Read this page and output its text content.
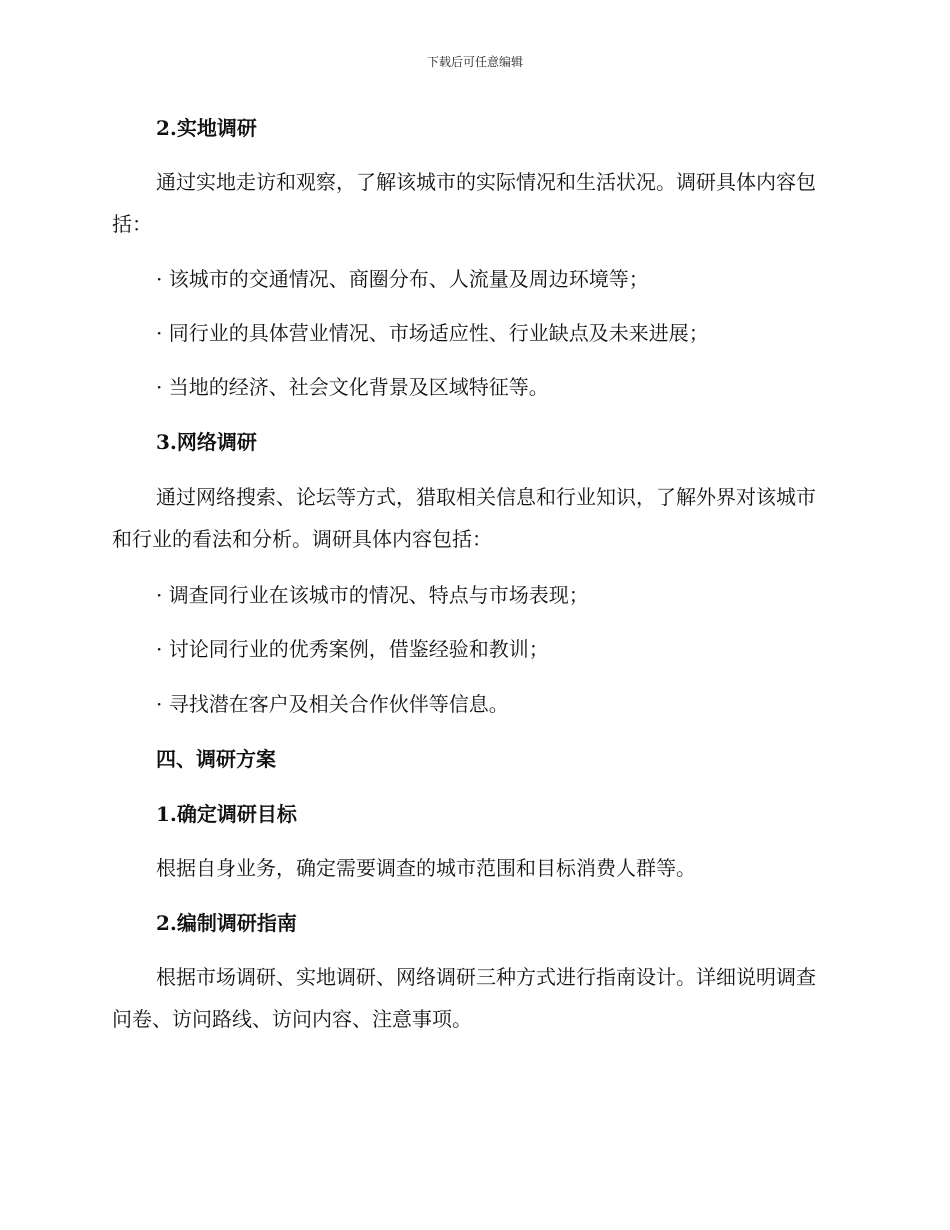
下载后可任意编辑

2.实地调研

通过实地走访和观察，了解该城市的实际情况和生活状况。调研具体内容包括：

· 该城市的交通情况、商圈分布、人流量及周边环境等；

· 同行业的具体营业情况、市场适应性、行业缺点及未来进展；

· 当地的经济、社会文化背景及区域特征等。

3.网络调研

通过网络搜索、论坛等方式，猎取相关信息和行业知识，了解外界对该城市和行业的看法和分析。调研具体内容包括：

· 调查同行业在该城市的情况、特点与市场表现；

· 讨论同行业的优秀案例，借鉴经验和教训；

· 寻找潜在客户及相关合作伙伴等信息。

四、调研方案

1.确定调研目标

根据自身业务，确定需要调查的城市范围和目标消费人群等。

2.编制调研指南

根据市场调研、实地调研、网络调研三种方式进行指南设计。详细说明调查问卷、访问路线、访问内容、注意事项。
